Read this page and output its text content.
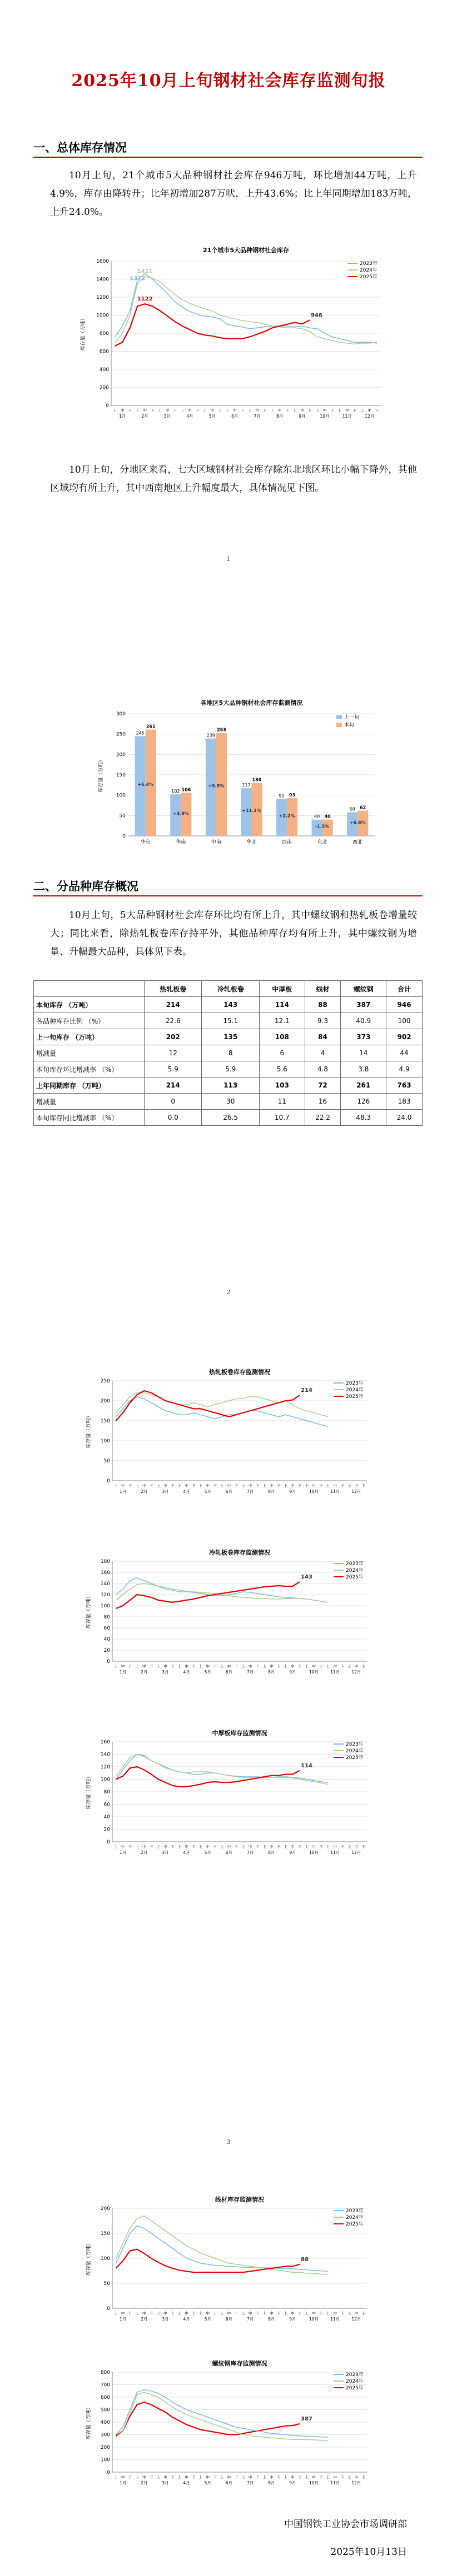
2025年10月上旬钢材社会库存监测旬报
一、总体库存情况
10月上旬，21个城市5大品种钢材社会库存946万吨，环比增加44万吨，上升4.9%，库存由降转升；比年初增加287万吠，上升43.6%；比上年同期增加183万吨，上升24.0%。
21个城市5大品种钢材社会库存
0
200
400
600
800
1000
1200
1400
1600
库存量（万吨）
上 中 下
1月
上 中 下
2月
上 中 下
3月
上 中 下
4月
上 中 下
5月
上 中 下
6月
上 中 下
7月
上 中 下
8月
上 中 下
9月
上 中 下
10月
上 中 下
11月
上 中 下
12月
946
2023年
2024年
2025年
1421
1373
1122
10月上旬，分地区来看，七大区域钢材社会库存除东北地区环比小幅下降外，其他区域均有所上升，其中西南地区上升幅度最大，具体情况见下图。
1
各地区5大品种钢材社会库存监测情况
0
50
100
150
200
250
300
库存量（万吨）
245
261
+6.4%
华东
102 106
+3.9%
华南
239
253
+5.9%
中南
117
130
+11.1%
华北
91 93
+2.2%
西南
40 40
-1.5%
东北
58 62
+6.6%
西北
上一旬
本旬
二、分品种库存概况
10月上旬，5大品种钢材社会库存环比均有所上升，其中螺纹钢和热轧板卷增量较大；同比来看，除热轧板卷库存持平外，其他品种库存均有所上升，其中螺纹钢为增量、升幅最大品种，具体见下表。
	热轧板卷	冷轧板卷	中厚板	线材	螺纹钢	合计
本旬库存 （万吨）	214	143	114	88	387	946
各品种库存比例 （%）	22.6	15.1	12.1	9.3	40.9	100
上一旬库存 （万吨）	202	135	108	84	373	902
增减量	12	8	6	4	14	44
本旬库存环比增减率 （%）	5.9	5.9	5.6	4.8	3.8	4.9
上年同期库存 （万吨）	214	113	103	72	261	763
增减量	0	30	11	16	126	183
本旬库存同比增减率 （%）	0.0	26.5	10.7	22.2	48.3	24.0
2
热轧板卷库存监测情况
0
50
100
150
200
250
库存量（万吨）
上 中 下
1月
上 中 下
2月
上 中 下
3月
上 中 下
4月
上 中 下
5月
上 中 下
6月
上 中 下
7月
上 中 下
8月
上 中 下
9月
上 中 下
10月
上 中 下
11月
上 中 下
12月
214
2023年
2024年
2025年
冷轧板卷库存监测情况
0
20
40
60
80
100
120
140
160
180
库存量（万吨）
上 中 下
1月
上 中 下
2月
上 中 下
3月
上 中 下
4月
上 中 下
5月
上 中 下
6月
上 中 下
7月
上 中 下
8月
上 中 下
9月
上 中 下
10月
上 中 下
11月
上 中 下
12月
143
2023年
2024年
2025年
中厚板库存监测情况
0
20
40
60
80
100
120
140
160
库存量（万吨）
上 中 下
1月
上 中 下
2月
上 中 下
3月
上 中 下
4月
上 中 下
5月
上 中 下
6月
上 中 下
7月
上 中 下
8月
上 中 下
9月
上 中 下
10月
上 中 下
11月
上 中 下
12月
114
2023年
2024年
2025年
3
线材库存监测情况
0
50
100
150
200
库存量（万吨）
上 中 下
1月
上 中 下
2月
上 中 下
3月
上 中 下
4月
上 中 下
5月
上 中 下
6月
上 中 下
7月
上 中 下
8月
上 中 下
9月
上 中 下
10月
上 中 下
11月
上 中 下
12月
88
2023年
2024年
2025年
螺纹钢库存监测情况
0
100
200
300
400
500
600
700
800
库存量（万吨）
上 中 下
1月
上 中 下
2月
上 中 下
3月
上 中 下
4月
上 中 下
5月
上 中 下
6月
上 中 下
7月
上 中 下
8月
上 中 下
9月
上 中 下
10月
上 中 下
11月
上 中 下
12月
387
2023年
2024年
2025年
中国钢铁工业协会市场调研部
2025年10月13日
